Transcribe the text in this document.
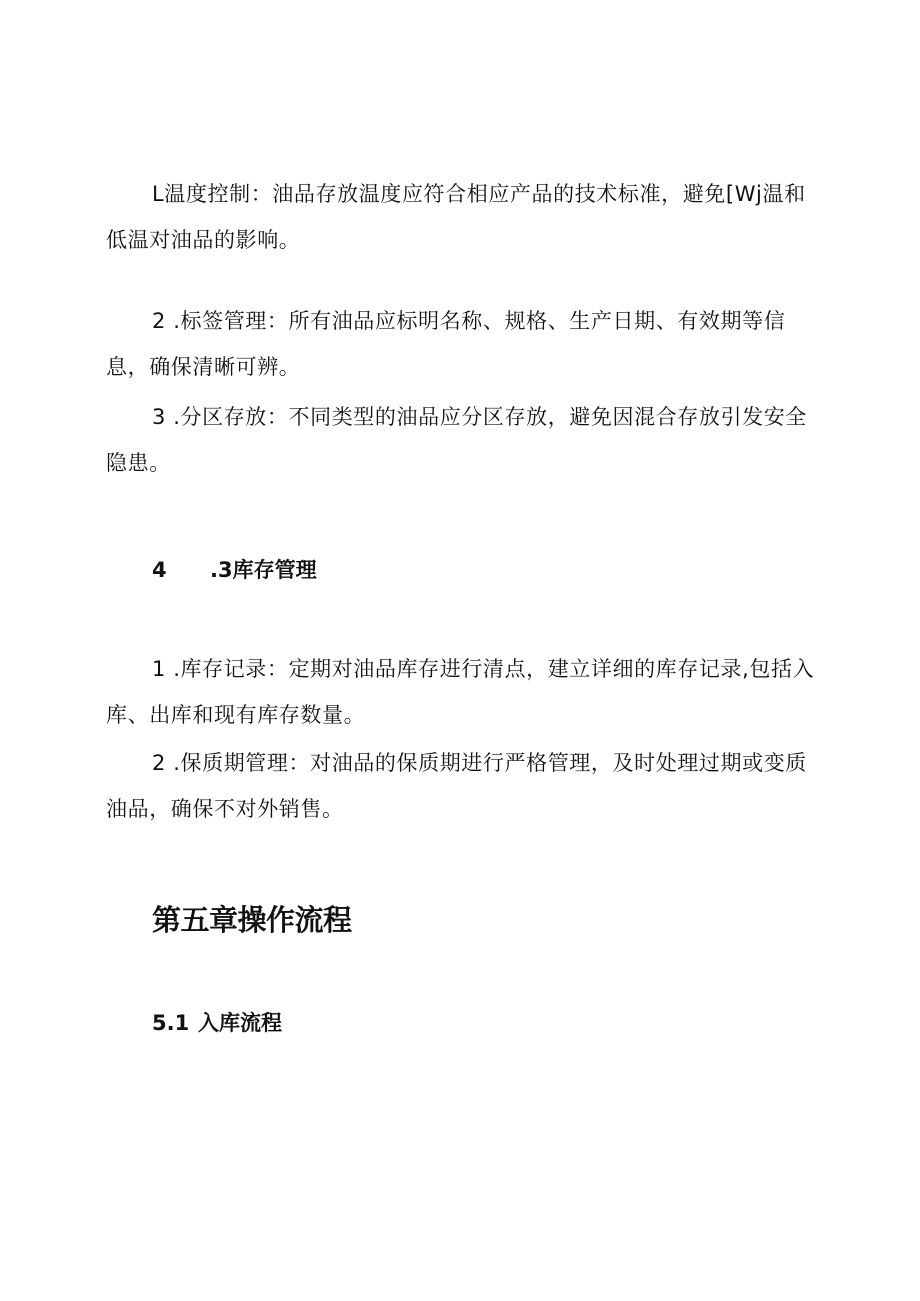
L温度控制：油品存放温度应符合相应产品的技术标准，避免[Wj温和低温对油品的影响。

2 .标签管理：所有油品应标明名称、规格、生产日期、有效期等信息，确保清晰可辨。

3 .分区存放：不同类型的油品应分区存放，避免因混合存放引发安全隐患。

4 .3库存管理

1 .库存记录：定期对油品库存进行清点，建立详细的库存记录,包括入库、出库和现有库存数量。

2 .保质期管理：对油品的保质期进行严格管理，及时处理过期或变质油品，确保不对外销售。

第五章操作流程
5.1 入库流程
